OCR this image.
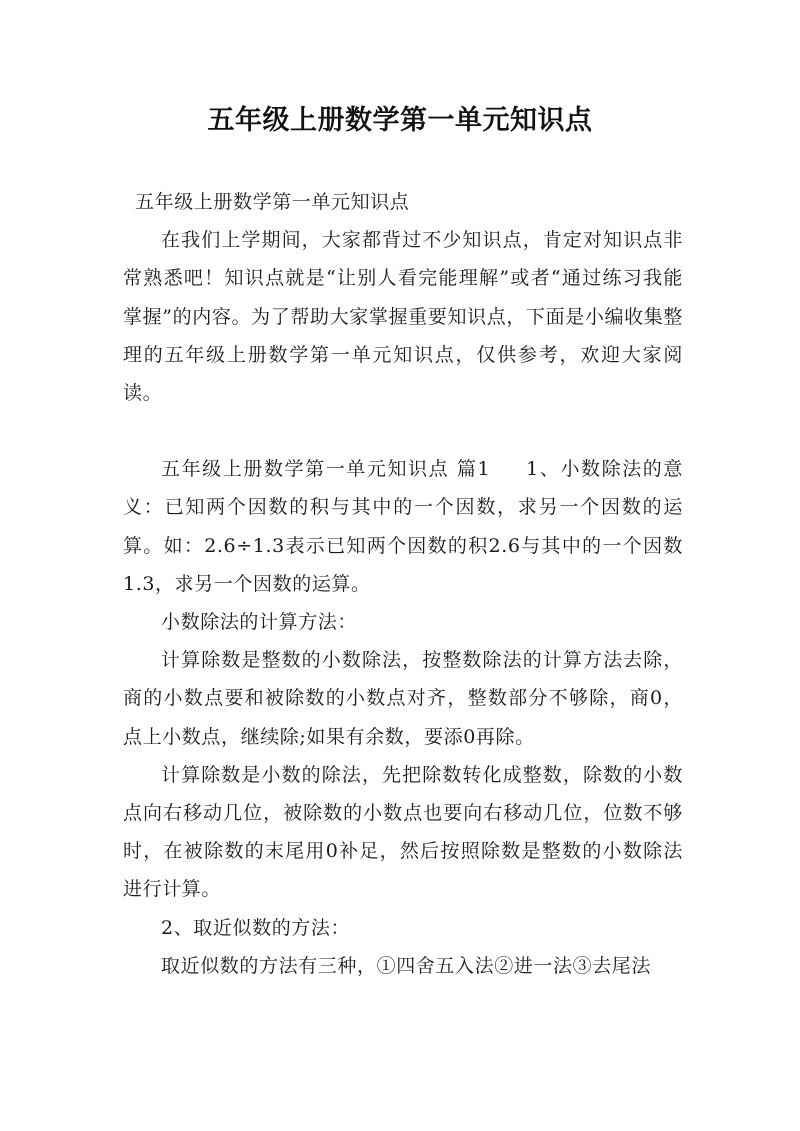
五年级上册数学第一单元知识点

五年级上册数学第一单元知识点

在我们上学期间，大家都背过不少知识点，肯定对知识点非常熟悉吧！知识点就是“让别人看完能理解”或者“通过练习我能掌握”的内容。为了帮助大家掌握重要知识点，下面是小编收集整理的五年级上册数学第一单元知识点，仅供参考，欢迎大家阅读。

五年级上册数学第一单元知识点 篇1 1、小数除法的意义：已知两个因数的积与其中的一个因数，求另一个因数的运算。如：2.6÷1.3表示已知两个因数的积2.6与其中的一个因数1.3，求另一个因数的运算。

小数除法的计算方法：

计算除数是整数的小数除法，按整数除法的计算方法去除，商的小数点要和被除数的小数点对齐，整数部分不够除，商0，点上小数点，继续除;如果有余数，要添0再除。

计算除数是小数的除法，先把除数转化成整数，除数的小数点向右移动几位，被除数的小数点也要向右移动几位，位数不够时，在被除数的末尾用0补足，然后按照除数是整数的小数除法进行计算。

2、取近似数的方法：

取近似数的方法有三种，①四舍五入法②进一法③去尾法
